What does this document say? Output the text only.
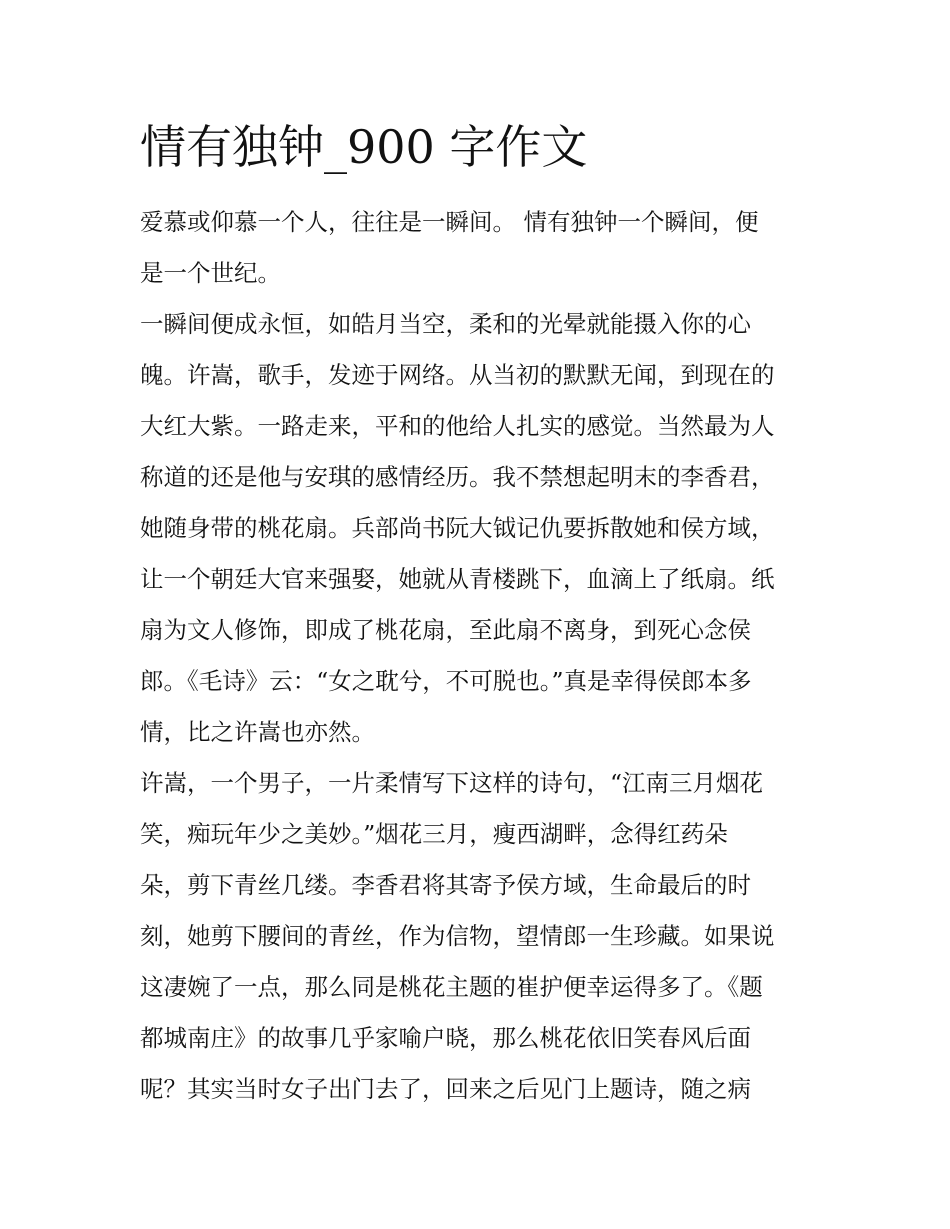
情有独钟_900 字作文

爱慕或仰慕一个人，往往是一瞬间。 情有独钟一个瞬间，便

是一个世纪。

一瞬间便成永恒，如皓月当空，柔和的光晕就能摄入你的心

魄。许嵩，歌手，发迹于网络。从当初的默默无闻，到现在的

大红大紫。一路走来，平和的他给人扎实的感觉。当然最为人

称道的还是他与安琪的感情经历。我不禁想起明末的李香君，

她随身带的桃花扇。兵部尚书阮大钺记仇要拆散她和侯方域，

让一个朝廷大官来强娶，她就从青楼跳下，血滴上了纸扇。纸

扇为文人修饰，即成了桃花扇，至此扇不离身，到死心念侯

郎。《毛诗》云：“女之耽兮，不可脱也。”真是幸得侯郎本多

情，比之许嵩也亦然。

许嵩，一个男子，一片柔情写下这样的诗句，“江南三月烟花

笑，痴玩年少之美妙。”烟花三月，瘦西湖畔，念得红药朵

朵，剪下青丝几缕。李香君将其寄予侯方域，生命最后的时

刻，她剪下腰间的青丝，作为信物，望情郎一生珍藏。如果说

这凄婉了一点，那么同是桃花主题的崔护便幸运得多了。《题

都城南庄》的故事几乎家喻户晓，那么桃花依旧笑春风后面

呢？其实当时女子出门去了，回来之后见门上题诗，随之病
